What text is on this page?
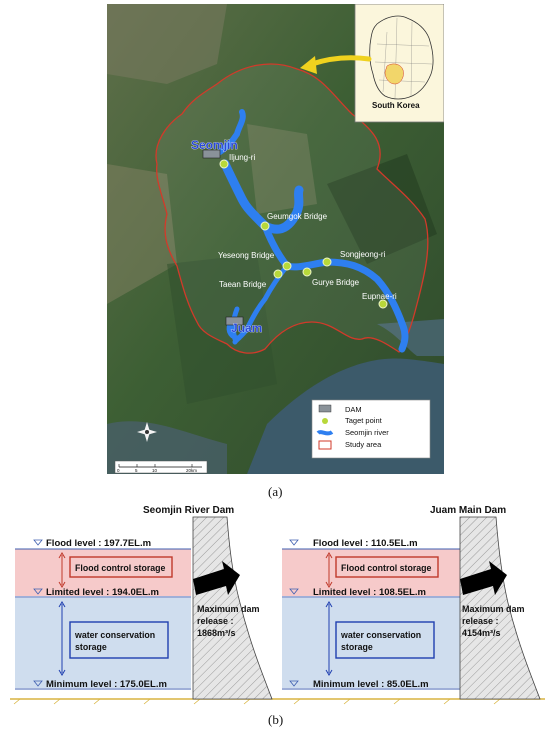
Seomjin
Juam
Iljung-ri
Geumgok Bridge
Yeseong Bridge	Songjeong-ri
Taean Bridge	Gurye Bridge
Eupnae-ri
South Korea
DAM
Taget point
Seomjin river
Study area
0	5	10	20km
(a)
Flood level : 197.7EL.m
Limited level : 194.0EL.m
Minimum level : 175.0EL.m
Flood control storage
water conservation
storage
Seomjin River Dam
Maximum dam
release :
1868m³/s
Flood level : 110.5EL.m
Limited level : 108.5EL.m
Minimum level : 85.0EL.m
Flood control storage
water conservation
storage
Juam Main Dam
Maximum dam
release :
4154m³/s
(b)
